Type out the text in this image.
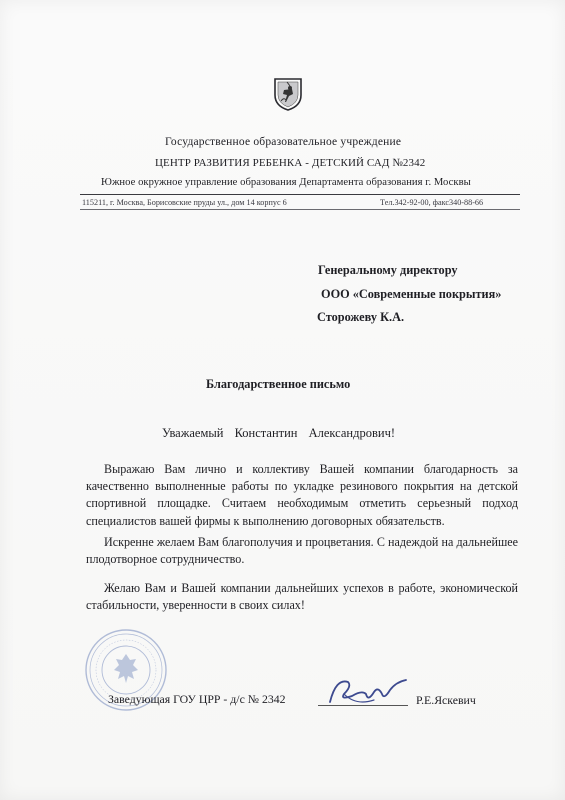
Государственное образовательное учреждение
ЦЕНТР РАЗВИТИЯ РЕБЕНКА - ДЕТСКИЙ САД №2342
Южное окружное управление образования Департамента образования г. Москвы
115211, г. Москва, Борисовские пруды ул., дом 14 корпус 6	Тел.342-92-00, факс340-88-66
Генеральному директору
ООО «Современные покрытия»
Сторожеву К.А.
Благодарственное письмо
Уважаемый Константин Александрович!
Выражаю Вам лично и коллективу Вашей компании благодарность за качественно выполненные работы по укладке резинового покрытия на детской спортивной площадке. Считаем необходимым отметить серьезный подход специалистов вашей фирмы к выполнению договорных обязательств.
Искренне желаем Вам благополучия и процветания. С надеждой на дальнейшее плодотворное сотрудничество.
Желаю Вам и Вашей компании дальнейших успехов в работе, экономической стабильности, уверенности в своих силах!
Заведующая ГОУ ЦРР - д/с № 2342	Р.Е.Яскевич
